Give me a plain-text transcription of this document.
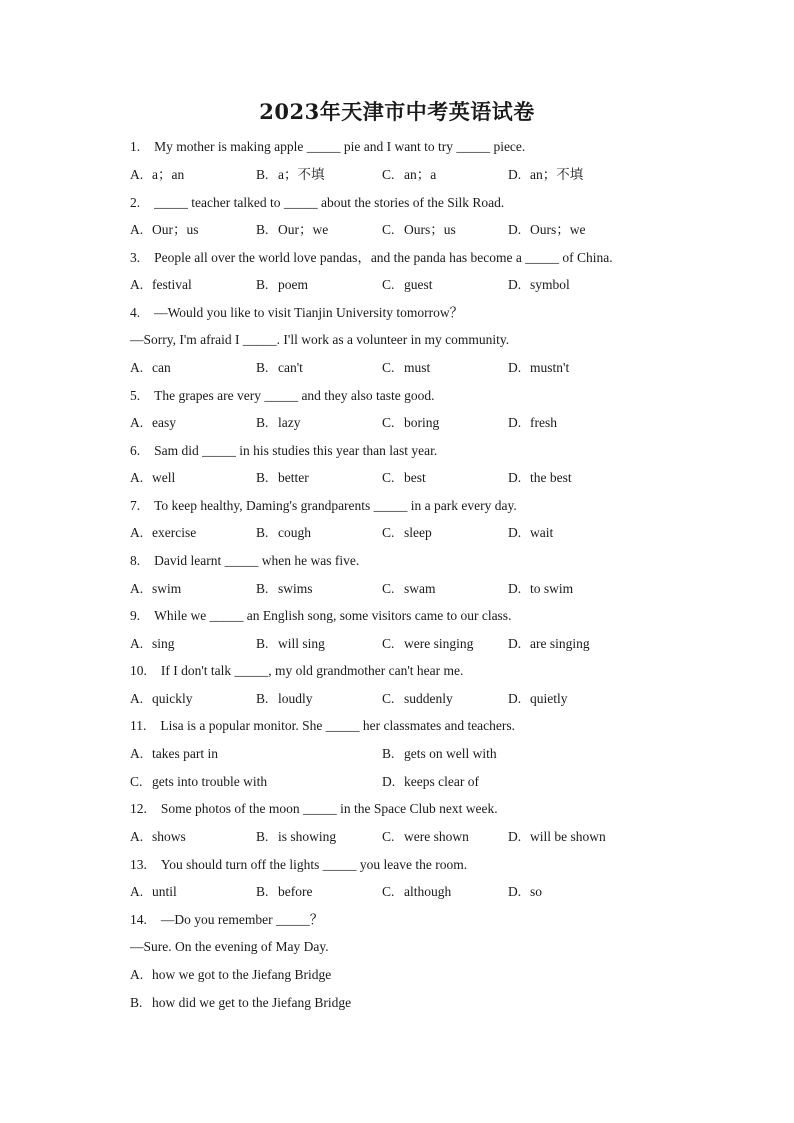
2023年天津市中考英语试卷
1. My mother is making apple _____ pie and I want to try _____ piece.
A. a；an	B. a；不填	C. an；a	D. an；不填
2. _____ teacher talked to _____ about the stories of the Silk Road.
A. Our；us	B. Our；we	C. Ours；us	D. Ours；we
3. People all over the world love pandas，and the panda has become a _____ of China.
A. festival	B. poem	C. guest	D. symbol
4. —Would you like to visit Tianjin University tomorrow？
—Sorry, I'm afraid I _____. I'll work as a volunteer in my community.
A. can	B. can't	C. must	D. mustn't
5. The grapes are very _____ and they also taste good.
A. easy	B. lazy	C. boring	D. fresh
6. Sam did _____ in his studies this year than last year.
A. well	B. better	C. best	D. the best
7. To keep healthy, Daming's grandparents _____ in a park every day.
A. exercise	B. cough	C. sleep	D. wait
8. David learnt _____ when he was five.
A. swim	B. swims	C. swam	D. to swim
9. While we _____ an English song, some visitors came to our class.
A. sing	B. will sing	C. were singing	D. are singing
10. If I don't talk _____, my old grandmother can't hear me.
A. quickly	B. loudly	C. suddenly	D. quietly
11. Lisa is a popular monitor. She _____ her classmates and teachers.
A. takes part in	B. gets on well with
C. gets into trouble with	D. keeps clear of
12. Some photos of the moon _____ in the Space Club next week.
A. shows	B. is showing	C. were shown	D. will be shown
13. You should turn off the lights _____ you leave the room.
A. until	B. before	C. although	D. so
14. —Do you remember _____？
—Sure. On the evening of May Day.
A. how we got to the Jiefang Bridge
B. how did we get to the Jiefang Bridge
